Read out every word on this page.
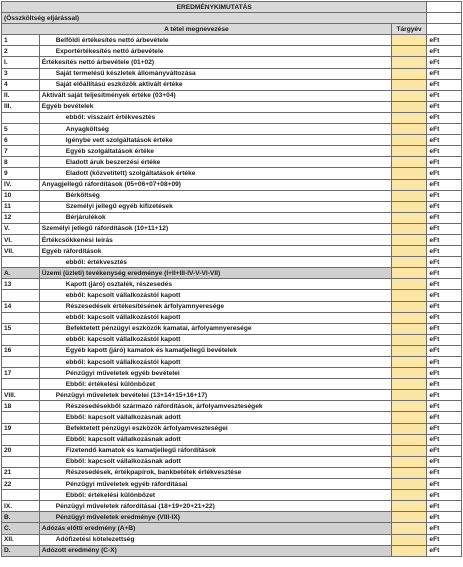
EREDMÉNYKIMUTATÁS			
(Összköltség eljárással)			
A tétel megnevezése		Tárgyév	
1	Belföldi értékesítés nettó árbevétele		eFt
2	Exportértékesítés nettó árbevétele		eFt
I.	Értékesítés nettó árbevétele (01+02)		eFt
3	Saját termelésű készletek állományváltozása		eFt
4	Saját előállítású eszközök aktivált értéke		eFt
II.	Aktivált saját teljesítmények értéke (03+04)		eFt
III.	Egyéb bevételek		eFt
	ebből: visszaírt értékvesztés		eFt
5	Anyagköltség		eFt
6	Igénybe vett szolgáltatások értéke		eFt
7	Egyéb szolgáltatások értéke		eFt
8	Eladott áruk beszerzési értéke		eFt
9	Eladott (közvetített) szolgáltatások értéke		eFt
IV.	Anyagjellegű ráfordítások (05+06+07+08+09)		eFt
10	Bérköltség		eFt
11	Személyi jellegű egyéb kifizetések		eFt
12	Bérjárulékok		eFt
V.	Személyi jellegű ráfordítások (10+11+12)		eFt
VI.	Értékcsökkenési leírás		eFt
VII.	Egyéb ráfordítások		eFt
	ebből: értékvesztés		eFt
A.	Üzemi (üzleti) tevékenység eredménye (I+II+III-IV-V-VI-VII)		eFt
13	Kapott (járó) osztalék, részesedés		eFt
	ebből: kapcsolt vállalkozástól kapott		eFt
14	Részesedések értékesítésének árfolyamnyeresége		eFt
	ebből: kapcsolt vállalkozástól kapott		eFt
15	Befektetett pénzügyi eszközök kamatai, árfolyamnyeresége		eFt
	ebből: kapcsolt vállalkozástól kapott		eFt
16	Egyéb kapott (járó) kamatok és kamatjellegű bevételek		eFt
	ebből: kapcsolt vállalkozástól kapott		eFt
17	Pénzügyi műveletek egyéb bevételei		eFt
	Ebből: értékelési különbözet		eFt
VIII.	Pénzügyi műveletek bevételei (13+14+15+16+17)		eFt
18	Részesedésekből származó ráfordítások, árfolyamveszteségek		eFt
	Ebből: kapcsolt vállalkozásnak adott		eFt
19	Befektetett pénzügyi eszközök árfolyamveszteségei		eFt
	Ebből: kapcsolt vállalkozásnak adott		eFt
20	Fizetendő kamatok és kamatjellegű ráfordítások		eFt
	Ebből: kapcsolt vállalkozásnak adott		eFt
21	Részesedések, értékpapírok, bankbetétek értékvesztése		eFt
22	Pénzügyi műveletek egyéb ráfordításai		eFt
	Ebből: értékelési különbözet		eFt
IX.	Pénzügyi műveletek ráfordításai (18+19+20+21+22)		eFt
B.	Pénzügyi műveletek eredménye (VIII-IX)		eFt
C.	Adózás előtti eredmény (A+B)		eFt
XII.	Adófizetési kötelezettség		eFt
D.	Adózott eredmény (C-X)		eFt
